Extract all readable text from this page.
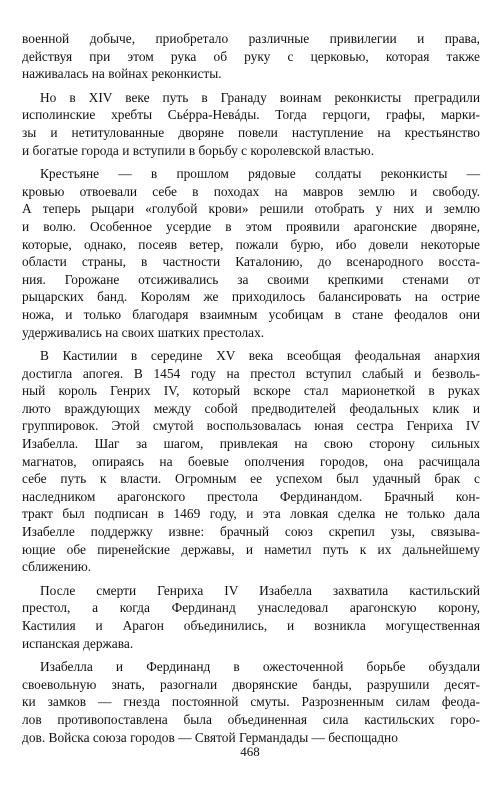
военной добыче, приобретало различные привилегии и права,
действуя при этом рука об руку с церковью, которая также
наживалась на войнах реконкисты.

Но в XIV веке путь в Гранаду воинам реконкисты преградили
исполинские хребты Сьéрра-Невáды. Тогда герцоги, графы, марки-
зы и нетитулованные дворяне повели наступление на крестьянство
и богатые города и вступили в борьбу с королевской властью.

Крестьяне — в прошлом рядовые солдаты реконкисты —
кровью отвоевали себе в походах на мавров землю и свободу.
А теперь рыцари «голубой крови» решили отобрать у них и землю
и волю. Особенное усердие в этом проявили арагонские дворяне,
которые, однако, посеяв ветер, пожали бурю, ибо довели некоторые
области страны, в частности Каталонию, до всенародного восста-
ния. Горожане отсиживались за своими крепкими стенами от
рыцарских банд. Королям же приходилось балансировать на острие
ножа, и только благодаря взаимным усобицам в стане феодалов они
удерживались на своих шатких престолах.

В Кастилии в середине XV века всеобщая феодальная анархия
достигла апогея. В 1454 году на престол вступил слабый и безволь-
ный король Генрих IV, который вскоре стал марионеткой в руках
люто враждующих между собой предводителей феодальных клик и
группировок. Этой смутой воспользовалась юная сестра Генриха IV
Изабелла. Шаг за шагом, привлекая на свою сторону сильных
магнатов, опираясь на боевые ополчения городов, она расчищала
себе путь к власти. Огромным ее успехом был удачный брак с
наследником арагонского престола Фердинандом. Брачный кон-
тракт был подписан в 1469 году, и эта ловкая сделка не только дала
Изабелле поддержку извне: брачный союз скрепил узы, связыва-
ющие обе пиренейские державы, и наметил путь к их дальнейшему
сближению.

После смерти Генриха IV Изабелла захватила кастильский
престол, а когда Фердинанд унаследовал арагонскую корону,
Кастилия и Арагон объединились, и возникла могущественная
испанская держава.

Изабелла и Фердинанд в ожесточенной борьбе обуздали
своевольную знать, разогнали дворянские банды, разрушили десят-
ки замков — гнезда постоянной смуты. Разрозненным силам феода-
лов противопоставлена была объединенная сила кастильских горо-
дов. Войска союза городов — Святой Германдады — беспощадно

468
